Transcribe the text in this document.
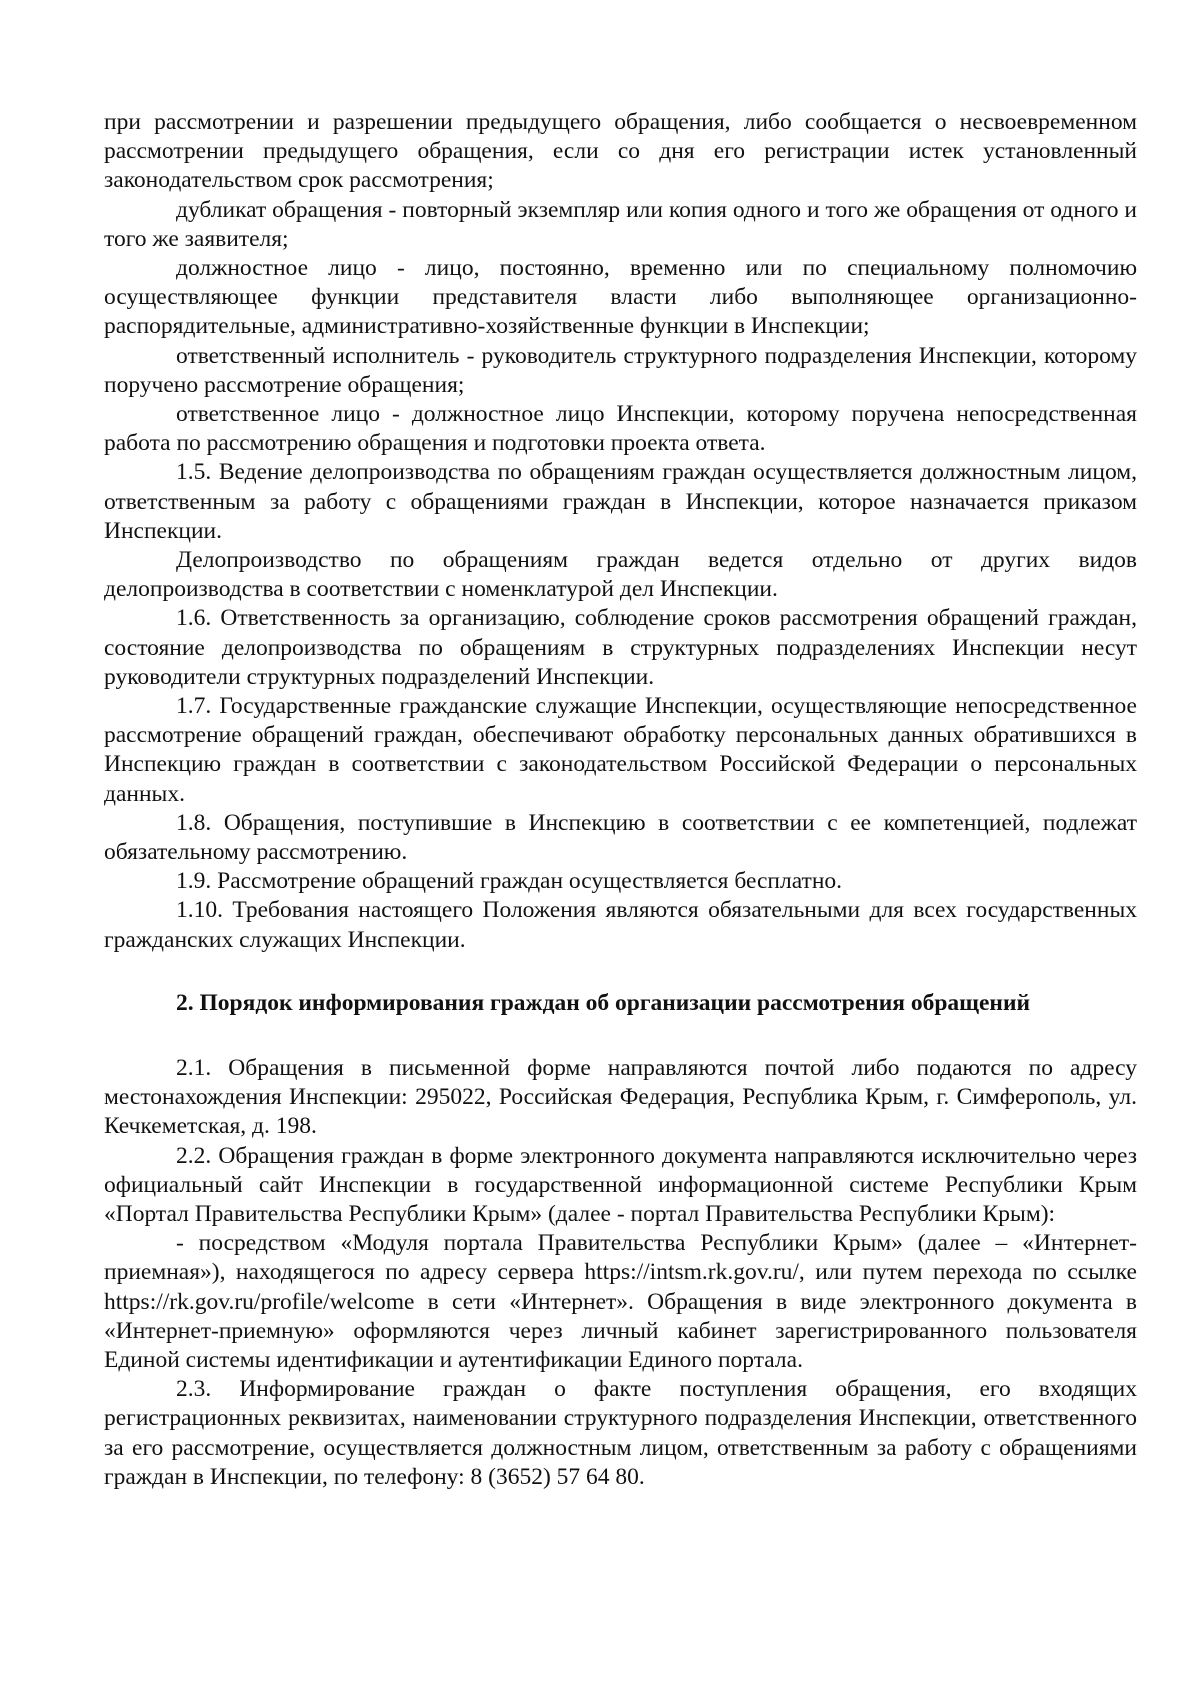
при рассмотрении и разрешении предыдущего обращения, либо сообщается о несвоевременном рассмотрении предыдущего обращения, если со дня его регистрации истек установленный законодательством срок рассмотрения;

дубликат обращения - повторный экземпляр или копия одного и того же обращения от одного и того же заявителя;

должностное лицо - лицо, постоянно, временно или по специальному полномочию осуществляющее функции представителя власти либо выполняющее организационно-распорядительные, административно-хозяйственные функции в Инспекции;

ответственный исполнитель - руководитель структурного подразделения Инспекции, которому поручено рассмотрение обращения;

ответственное лицо - должностное лицо Инспекции, которому поручена непосредственная работа по рассмотрению обращения и подготовки проекта ответа.

1.5. Ведение делопроизводства по обращениям граждан осуществляется должностным лицом, ответственным за работу с обращениями граждан в Инспекции, которое назначается приказом Инспекции.

Делопроизводство по обращениям граждан ведется отдельно от других видов делопроизводства в соответствии с номенклатурой дел Инспекции.

1.6. Ответственность за организацию, соблюдение сроков рассмотрения обращений граждан, состояние делопроизводства по обращениям в структурных подразделениях Инспекции несут руководители структурных подразделений Инспекции.

1.7. Государственные гражданские служащие Инспекции, осуществляющие непосредственное рассмотрение обращений граждан, обеспечивают обработку персональных данных обратившихся в Инспекцию граждан в соответствии с законодательством Российской Федерации о персональных данных.

1.8. Обращения, поступившие в Инспекцию в соответствии с ее компетенцией, подлежат обязательному рассмотрению.

1.9. Рассмотрение обращений граждан осуществляется бесплатно.

1.10. Требования настоящего Положения являются обязательными для всех государственных гражданских служащих Инспекции.

2. Порядок информирования граждан об организации рассмотрения обращений

2.1. Обращения в письменной форме направляются почтой либо подаются по адресу местонахождения Инспекции: 295022, Российская Федерация, Республика Крым, г. Симферополь, ул. Кечкеметская, д. 198.

2.2. Обращения граждан в форме электронного документа направляются исключительно через официальный сайт Инспекции в государственной информационной системе Республики Крым «Портал Правительства Республики Крым» (далее - портал Правительства Республики Крым):

- посредством «Модуля портала Правительства Республики Крым» (далее – «Интернет-приемная»), находящегося по адресу сервера https://intsm.rk.gov.ru/, или путем перехода по ссылке https://rk.gov.ru/profile/welcome в сети «Интернет». Обращения в виде электронного документа в «Интернет-приемную» оформляются через личный кабинет зарегистрированного пользователя Единой системы идентификации и аутентификации Единого портала.

2.3. Информирование граждан о факте поступления обращения, его входящих регистрационных реквизитах, наименовании структурного подразделения Инспекции, ответственного за его рассмотрение, осуществляется должностным лицом, ответственным за работу с обращениями граждан в Инспекции, по телефону: 8 (3652) 57 64 80.
